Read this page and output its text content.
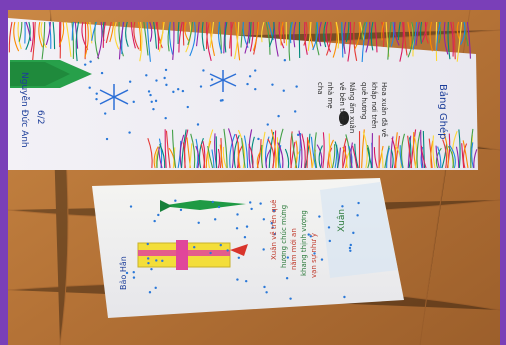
Nguyễn Đức Anh 6/2	Bảng Ghép
Hoa xuân đã về
khắp nơi trên
quê hương
Nắng ấm xuân
về bên thềm
nhà mẹ
cha
Bảo Hân
Xuân
Xuân về trên quê hương chúc mừng năm mới an khang thịnh vượng vạn sự như ý
